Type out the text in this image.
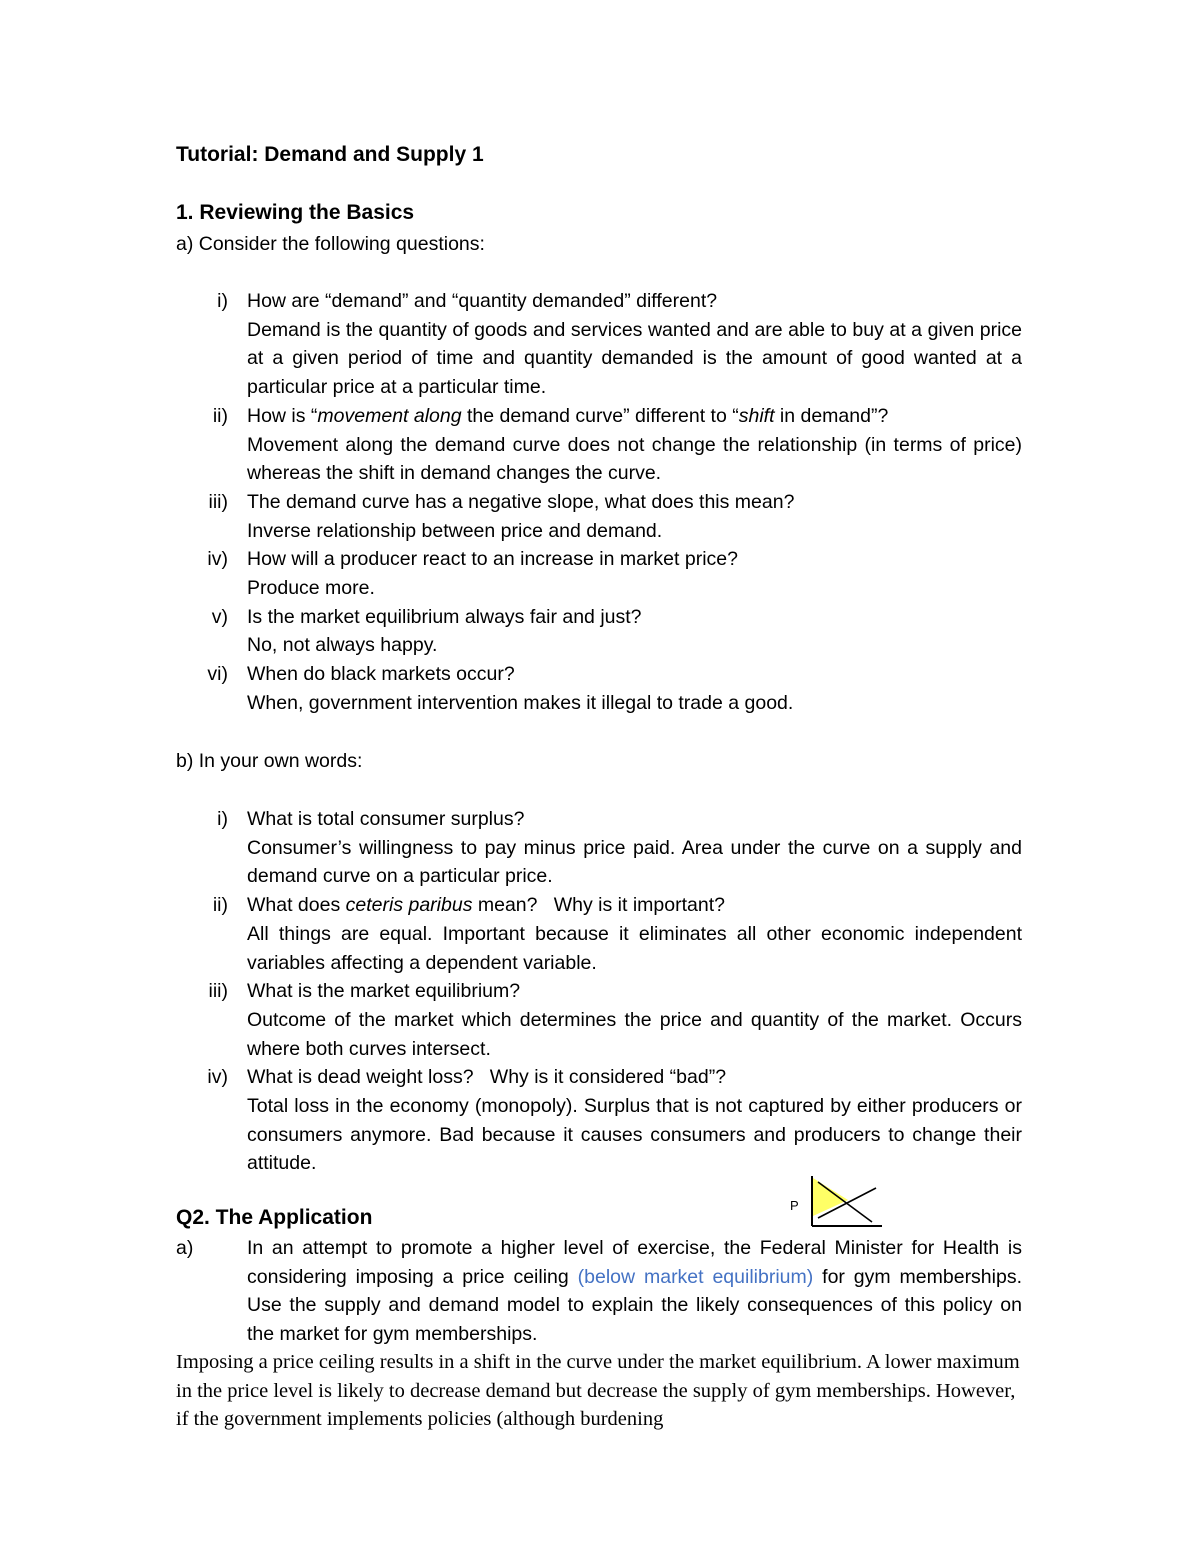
Tutorial: Demand and Supply 1
1. Reviewing the Basics
a) Consider the following questions:
i) How are “demand” and “quantity demanded” different?
Demand is the quantity of goods and services wanted and are able to buy at a given price at a given period of time and quantity demanded is the amount of good wanted at a particular price at a particular time.
ii) How is “movement along the demand curve” different to “shift in demand”?
Movement along the demand curve does not change the relationship (in terms of price) whereas the shift in demand changes the curve.
iii) The demand curve has a negative slope, what does this mean?
Inverse relationship between price and demand.
iv) How will a producer react to an increase in market price?
Produce more.
v) Is the market equilibrium always fair and just?
No, not always happy.
vi) When do black markets occur?
When, government intervention makes it illegal to trade a good.
b) In your own words:
i) What is total consumer surplus?
Consumer’s willingness to pay minus price paid. Area under the curve on a supply and demand curve on a particular price.
ii) What does ceteris paribus mean?   Why is it important?
All things are equal. Important because it eliminates all other economic independent variables affecting a dependent variable.
iii) What is the market equilibrium?
Outcome of the market which determines the price and quantity of the market. Occurs where both curves intersect.
iv) What is dead weight loss?   Why is it considered “bad”?
Total loss in the economy (monopoly). Surplus that is not captured by either producers or consumers anymore. Bad because it causes consumers and producers to change their attitude.
Q2. The Application
P
a)	In an attempt to promote a higher level of exercise, the Federal Minister for Health is considering imposing a price ceiling (below market equilibrium) for gym memberships.  Use the supply and demand model to explain the likely consequences of this policy on the market for gym memberships.
Imposing a price ceiling results in a shift in the curve under the market equilibrium. A lower maximum in the price level is likely to decrease demand but decrease the supply of gym memberships. However, if the government implements policies (although burdening
